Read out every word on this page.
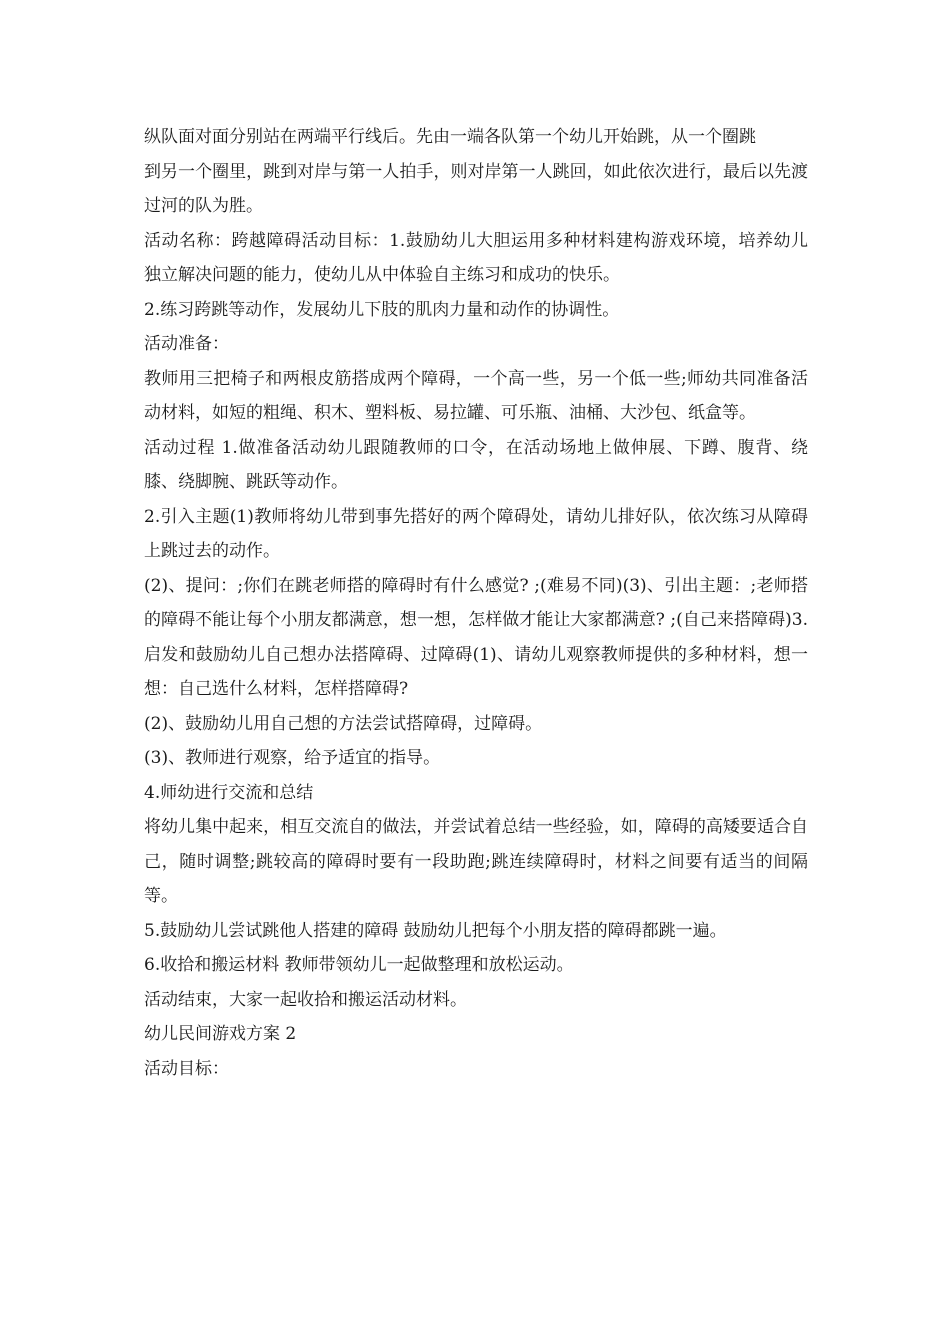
纵队面对面分别站在两端平行线后。先由一端各队第一个幼儿开始跳，从一个圈跳

到另一个圈里，跳到对岸与第一人拍手，则对岸第一人跳回，如此依次进行，最后以先渡过河的队为胜。

活动名称：跨越障碍活动目标：1.鼓励幼儿大胆运用多种材料建构游戏环境，培养幼儿 独立解决问题的能力，使幼儿从中体验自主练习和成功的快乐。

2.练习跨跳等动作，发展幼儿下肢的肌肉力量和动作的协调性。

活动准备：

教师用三把椅子和两根皮筋搭成两个障碍，一个高一些，另一个低一些;师幼共同准备活动材料，如短的粗绳、积木、塑料板、易拉罐、可乐瓶、油桶、大沙包、纸盒等。

活动过程 1.做准备活动幼儿跟随教师的口令，在活动场地上做伸展、下蹲、腹背、绕膝、绕脚腕、跳跃等动作。

2.引入主题(1)教师将幼儿带到事先搭好的两个障碍处，请幼儿排好队，依次练习从障碍上跳过去的动作。

(2)、提问：;你们在跳老师搭的障碍时有什么感觉? ;(难易不同)(3)、引出主题：;老师搭的障碍不能让每个小朋友都满意，想一想，怎样做才能让大家都满意? ;(自己来搭障碍)3.启发和鼓励幼儿自己想办法搭障碍、过障碍(1)、请幼儿观察教师提供的多种材料，想一想：自己选什么材料，怎样搭障碍?

(2)、鼓励幼儿用自己想的方法尝试搭障碍，过障碍。

(3)、教师进行观察，给予适宜的指导。

4.师幼进行交流和总结

将幼儿集中起来，相互交流自的做法，并尝试着总结一些经验，如，障碍的高矮要适合自己，随时调整;跳较高的障碍时要有一段助跑;跳连续障碍时，材料之间要有适当的间隔等。

5.鼓励幼儿尝试跳他人搭建的障碍 鼓励幼儿把每个小朋友搭的障碍都跳一遍。

6.收拾和搬运材料 教师带领幼儿一起做整理和放松运动。

活动结束，大家一起收拾和搬运活动材料。

幼儿民间游戏方案 2

活动目标：
